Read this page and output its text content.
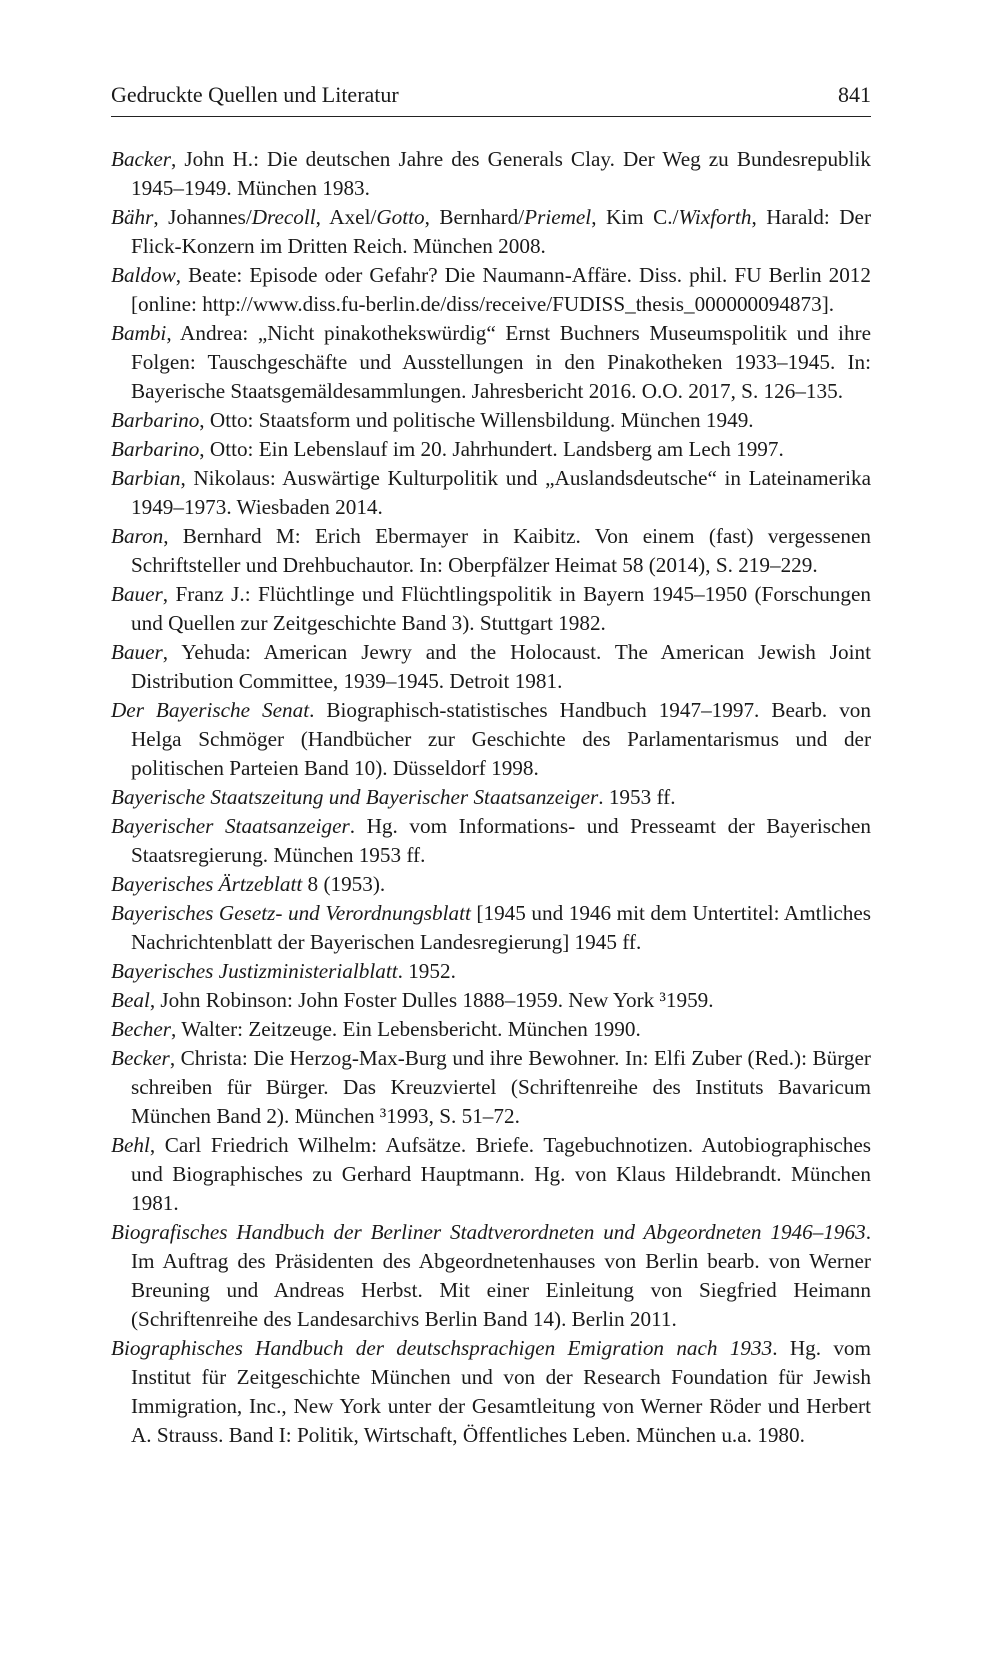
Gedruckte Quellen und Literatur	841

Backer, John H.: Die deutschen Jahre des Generals Clay. Der Weg zu Bundesrepublik 1945–1949. München 1983.

Bähr, Johannes/Drecoll, Axel/Gotto, Bernhard/Priemel, Kim C./Wixforth, Harald: Der Flick-Konzern im Dritten Reich. München 2008.

Baldow, Beate: Episode oder Gefahr? Die Naumann-Affäre. Diss. phil. FU Berlin 2012 [online: http://www.diss.fu-berlin.de/diss/receive/FUDISS_thesis_000000094873].

Bambi, Andrea: „Nicht pinakothekswürdig“ Ernst Buchners Museumspolitik und ihre Folgen: Tauschgeschäfte und Ausstellungen in den Pinakotheken 1933–1945. In: Bayerische Staatsgemäldesammlungen. Jahresbericht 2016. O.O. 2017, S. 126–135.

Barbarino, Otto: Staatsform und politische Willensbildung. München 1949.

Barbarino, Otto: Ein Lebenslauf im 20. Jahrhundert. Landsberg am Lech 1997.

Barbian, Nikolaus: Auswärtige Kulturpolitik und „Auslandsdeutsche“ in Lateinamerika 1949–1973. Wiesbaden 2014.

Baron, Bernhard M: Erich Ebermayer in Kaibitz. Von einem (fast) vergessenen Schriftsteller und Drehbuchautor. In: Oberpfälzer Heimat 58 (2014), S. 219–229.

Bauer, Franz J.: Flüchtlinge und Flüchtlingspolitik in Bayern 1945–1950 (Forschungen und Quellen zur Zeitgeschichte Band 3). Stuttgart 1982.

Bauer, Yehuda: American Jewry and the Holocaust. The American Jewish Joint Distribution Committee, 1939–1945. Detroit 1981.

Der Bayerische Senat. Biographisch-statistisches Handbuch 1947–1997. Bearb. von Helga Schmöger (Handbücher zur Geschichte des Parlamentarismus und der politischen Parteien Band 10). Düsseldorf 1998.

Bayerische Staatszeitung und Bayerischer Staatsanzeiger. 1953 ff.

Bayerischer Staatsanzeiger. Hg. vom Informations- und Presseamt der Bayerischen Staatsregierung. München 1953 ff.

Bayerisches Ärtzeblatt 8 (1953).

Bayerisches Gesetz- und Verordnungsblatt [1945 und 1946 mit dem Untertitel: Amtliches Nachrichtenblatt der Bayerischen Landesregierung] 1945 ff.

Bayerisches Justizministerialblatt. 1952.

Beal, John Robinson: John Foster Dulles 1888–1959. New York ³1959.

Becher, Walter: Zeitzeuge. Ein Lebensbericht. München 1990.

Becker, Christa: Die Herzog-Max-Burg und ihre Bewohner. In: Elfi Zuber (Red.): Bürger schreiben für Bürger. Das Kreuzviertel (Schriftenreihe des Instituts Bavaricum München Band 2). München ³1993, S. 51–72.

Behl, Carl Friedrich Wilhelm: Aufsätze. Briefe. Tagebuchnotizen. Autobiographisches und Biographisches zu Gerhard Hauptmann. Hg. von Klaus Hildebrandt. München 1981.

Biografisches Handbuch der Berliner Stadtverordneten und Abgeordneten 1946–1963. Im Auftrag des Präsidenten des Abgeordnetenhauses von Berlin bearb. von Werner Breuning und Andreas Herbst. Mit einer Einleitung von Siegfried Heimann (Schriftenreihe des Landesarchivs Berlin Band 14). Berlin 2011.

Biographisches Handbuch der deutschsprachigen Emigration nach 1933. Hg. vom Institut für Zeitgeschichte München und von der Research Foundation für Jewish Immigration, Inc., New York unter der Gesamtleitung von Werner Röder und Herbert A. Strauss. Band I: Politik, Wirtschaft, Öffentliches Leben. München u.a. 1980.
